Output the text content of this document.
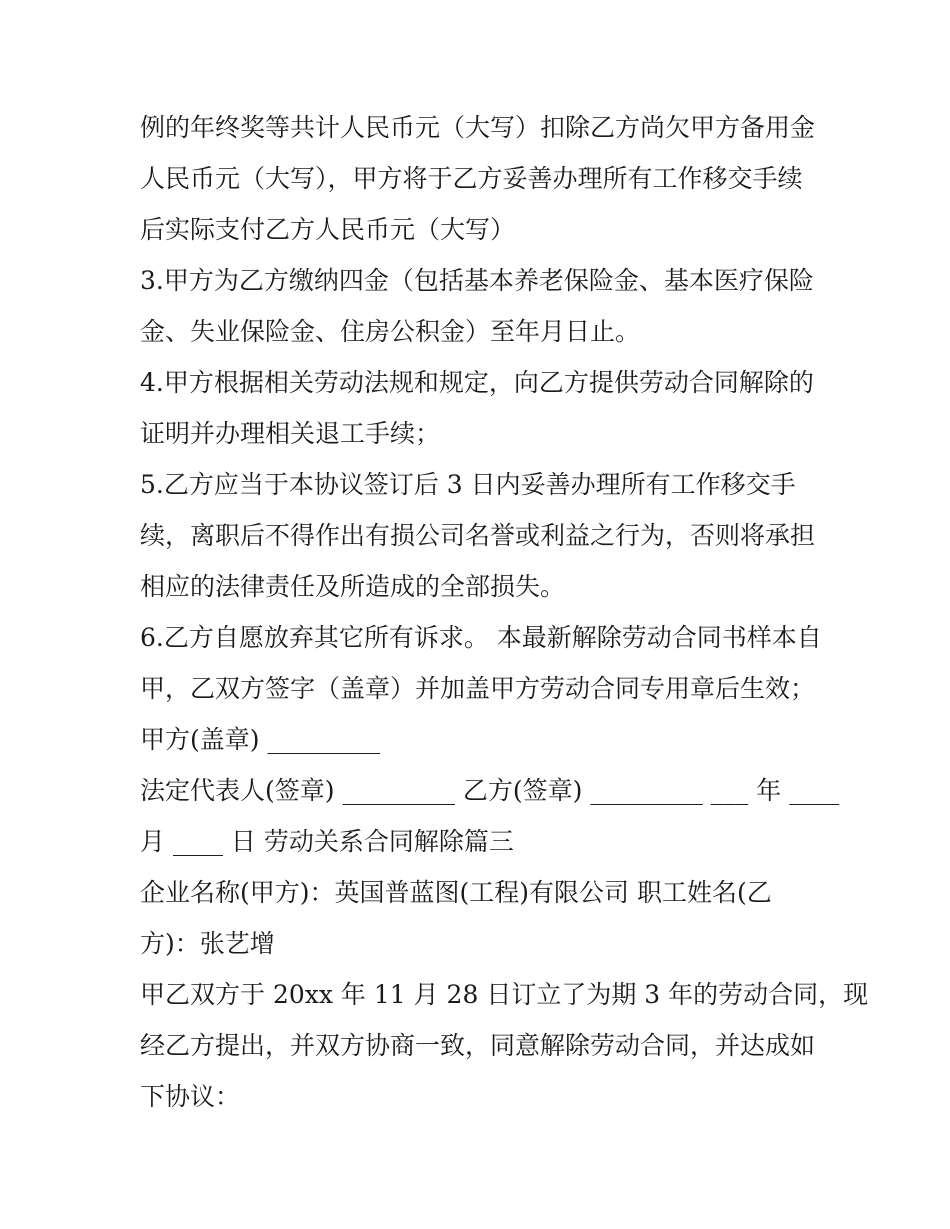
例的年终奖等共计人民币元（大写）扣除乙方尚欠甲方备用金
人民币元（大写），甲方将于乙方妥善办理所有工作移交手续
后实际支付乙方人民币元（大写）
3.甲方为乙方缴纳四金（包括基本养老保险金、基本医疗保险
金、失业保险金、住房公积金）至年月日止。
4.甲方根据相关劳动法规和规定，向乙方提供劳动合同解除的
证明并办理相关退工手续；
5.乙方应当于本协议签订后 3 日内妥善办理所有工作移交手
续，离职后不得作出有损公司名誉或利益之行为，否则将承担
相应的法律责任及所造成的全部损失。
6.乙方自愿放弃其它所有诉求。 本最新解除劳动合同书样本自
甲，乙双方签字（盖章）并加盖甲方劳动合同专用章后生效；
甲方(盖章) _________
法定代表人(签章) _________ 乙方(签章) _________ ___ 年 ____
月 ____ 日 劳动关系合同解除篇三
企业名称(甲方)：英国普蓝图(工程)有限公司 职工姓名(乙
方)：张艺增
甲乙双方于 20xx 年 11 月 28 日订立了为期 3 年的劳动合同，现
经乙方提出，并双方协商一致，同意解除劳动合同，并达成如
下协议：
